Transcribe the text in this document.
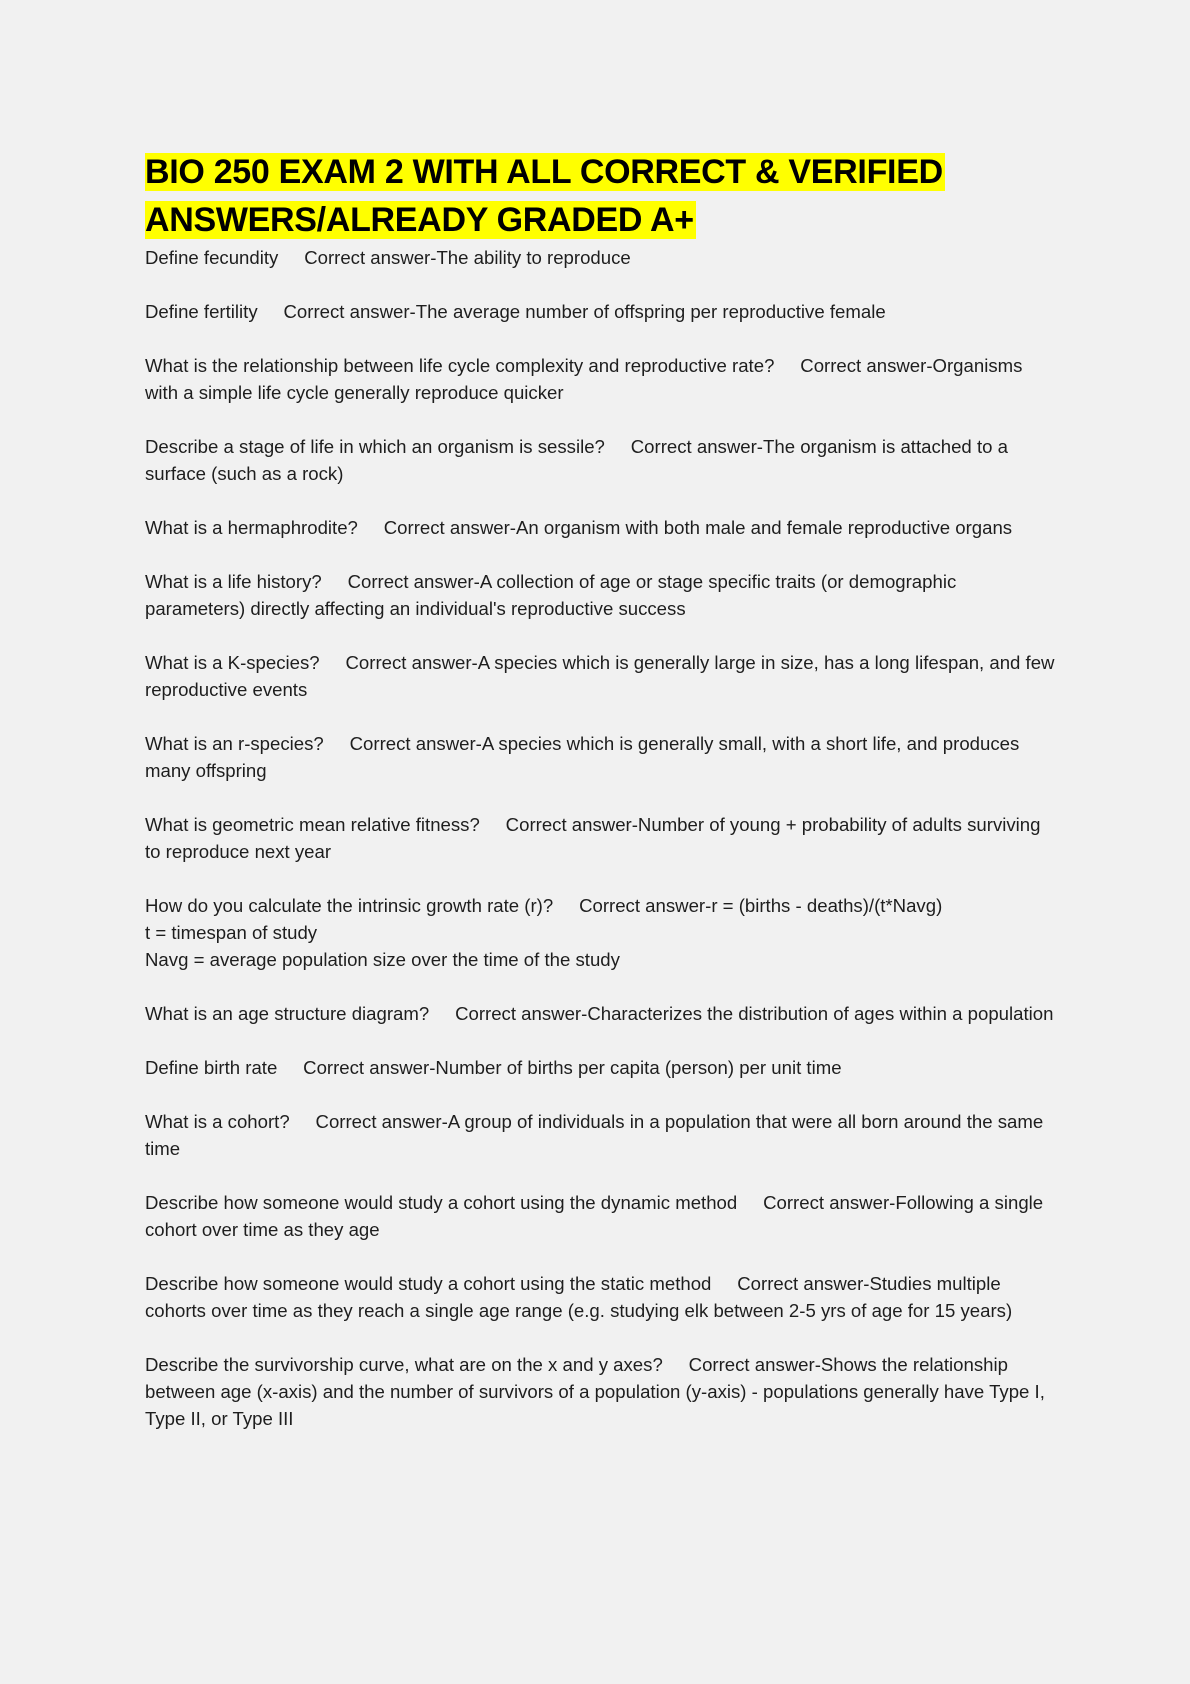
BIO 250 EXAM 2 WITH ALL CORRECT & VERIFIED
ANSWERS/ALREADY GRADED A+
Define fecundity Correct answer-The ability to reproduce
Define fertility Correct answer-The average number of offspring per reproductive female
What is the relationship between life cycle complexity and reproductive rate? Correct answer-Organisms with a simple life cycle generally reproduce quicker
Describe a stage of life in which an organism is sessile? Correct answer-The organism is attached to a surface (such as a rock)
What is a hermaphrodite? Correct answer-An organism with both male and female reproductive organs
What is a life history? Correct answer-A collection of age or stage specific traits (or demographic parameters) directly affecting an individual's reproductive success
What is a K-species? Correct answer-A species which is generally large in size, has a long lifespan, and few reproductive events
What is an r-species? Correct answer-A species which is generally small, with a short life, and produces many offspring
What is geometric mean relative fitness? Correct answer-Number of young + probability of adults surviving to reproduce next year
How do you calculate the intrinsic growth rate (r)? Correct answer-r = (births - deaths)/(t*Navg)
t = timespan of study
Navg = average population size over the time of the study
What is an age structure diagram? Correct answer-Characterizes the distribution of ages within a population
Define birth rate Correct answer-Number of births per capita (person) per unit time
What is a cohort? Correct answer-A group of individuals in a population that were all born around the same time
Describe how someone would study a cohort using the dynamic method Correct answer-Following a single cohort over time as they age
Describe how someone would study a cohort using the static method Correct answer-Studies multiple cohorts over time as they reach a single age range (e.g. studying elk between 2-5 yrs of age for 15 years)
Describe the survivorship curve, what are on the x and y axes? Correct answer-Shows the relationship between age (x-axis) and the number of survivors of a population (y-axis) - populations generally have Type I, Type II, or Type III
